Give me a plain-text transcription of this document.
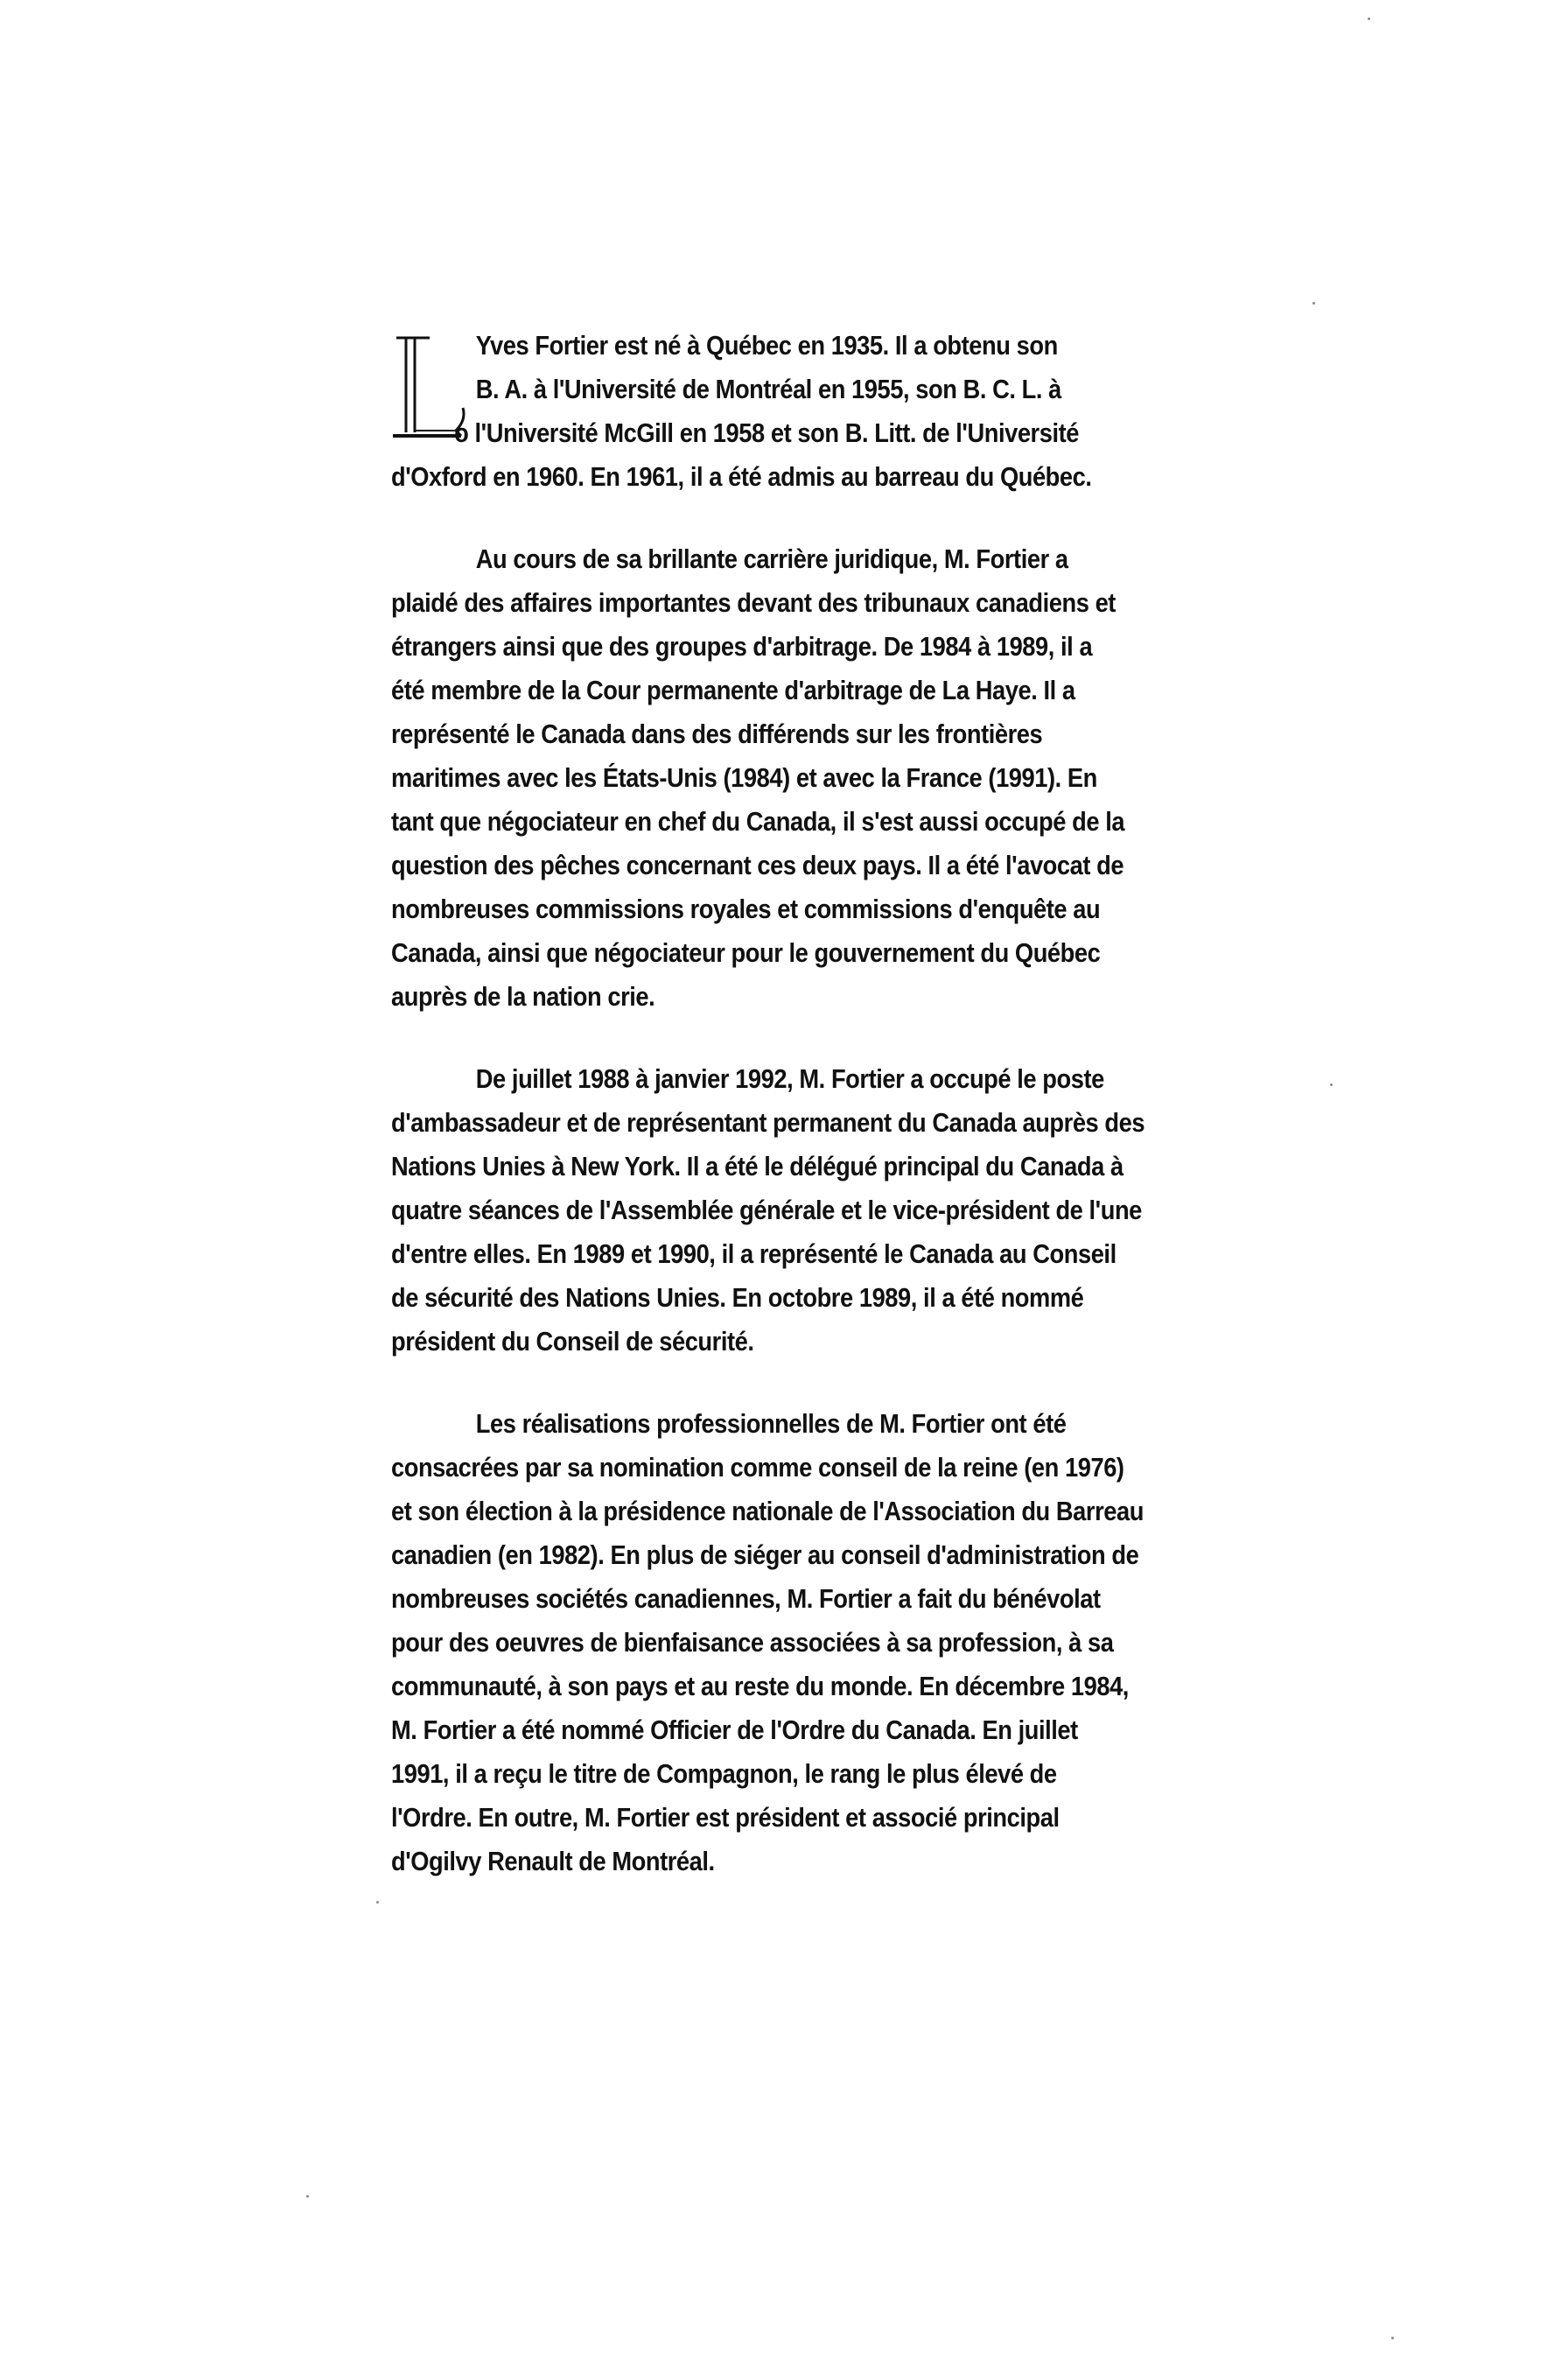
Yves Fortier est né à Québec en 1935. Il a obtenu son
B. A. à l'Université de Montréal en 1955, son B. C. L. à
o l'Université McGill en 1958 et son B. Litt. de l'Université
d'Oxford en 1960. En 1961, il a été admis au barreau du Québec.
Au cours de sa brillante carrière juridique, M. Fortier a
plaidé des affaires importantes devant des tribunaux canadiens et
étrangers ainsi que des groupes d'arbitrage. De 1984 à 1989, il a
été membre de la Cour permanente d'arbitrage de La Haye. Il a
représenté le Canada dans des différends sur les frontières
maritimes avec les États-Unis (1984) et avec la France (1991). En
tant que négociateur en chef du Canada, il s'est aussi occupé de la
question des pêches concernant ces deux pays. Il a été l'avocat de
nombreuses commissions royales et commissions d'enquête au
Canada, ainsi que négociateur pour le gouvernement du Québec
auprès de la nation crie.
De juillet 1988 à janvier 1992, M. Fortier a occupé le poste
d'ambassadeur et de représentant permanent du Canada auprès des
Nations Unies à New York. Il a été le délégué principal du Canada à
quatre séances de l'Assemblée générale et le vice-président de l'une
d'entre elles. En 1989 et 1990, il a représenté le Canada au Conseil
de sécurité des Nations Unies. En octobre 1989, il a été nommé
président du Conseil de sécurité.
Les réalisations professionnelles de M. Fortier ont été
consacrées par sa nomination comme conseil de la reine (en 1976)
et son élection à la présidence nationale de l'Association du Barreau
canadien (en 1982). En plus de siéger au conseil d'administration de
nombreuses sociétés canadiennes, M. Fortier a fait du bénévolat
pour des oeuvres de bienfaisance associées à sa profession, à sa
communauté, à son pays et au reste du monde. En décembre 1984,
M. Fortier a été nommé Officier de l'Ordre du Canada. En juillet
1991, il a reçu le titre de Compagnon, le rang le plus élevé de
l'Ordre. En outre, M. Fortier est président et associé principal
d'Ogilvy Renault de Montréal.
